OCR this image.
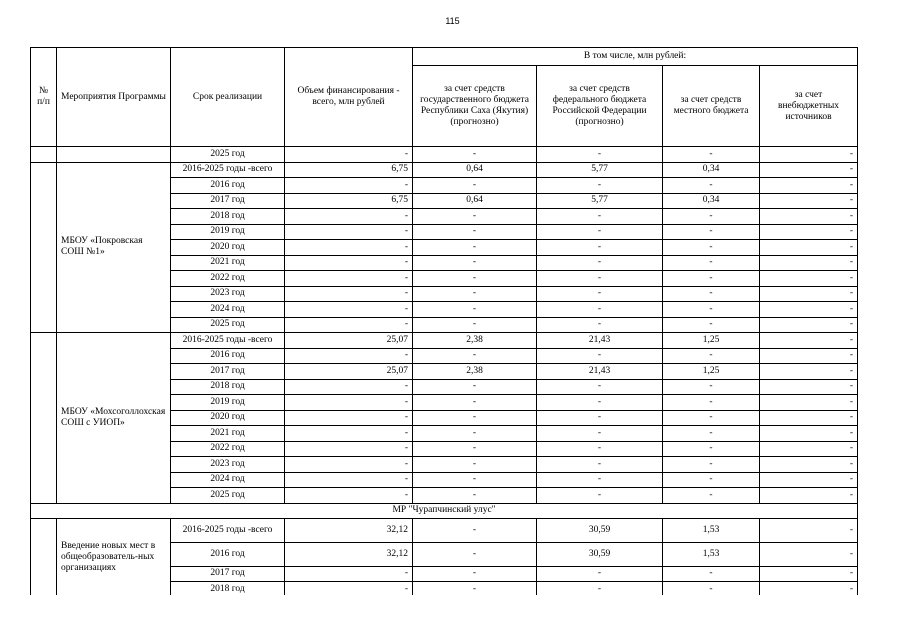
115
№ п/п	Мероприятия Программы	Срок реализации	Объем финансирования - всего, млн рублей	В том числе, млн рублей:			
				за счет средств государственного бюджета Республики Саха (Якутия) (прогнозно)	за счет средств федерального бюджета Российской Федерации (прогнозно)	за счет средств местного бюджета	за счет внебюджетных источников
		2025 год	-	-	-	-	-
	МБОУ «Покровская СОШ №1»	2016-2025 годы -всего	6,75	0,64	5,77	0,34	-
		2016 год	-	-	-	-	-
		2017 год	6,75	0,64	5,77	0,34	-
		2018 год	-	-	-	-	-
		2019 год	-	-	-	-	-
		2020 год	-	-	-	-	-
		2021 год	-	-	-	-	-
		2022 год	-	-	-	-	-
		2023 год	-	-	-	-	-
		2024 год	-	-	-	-	-
		2025 год	-	-	-	-	-
	МБОУ «Мохсоголлохская СОШ с УИОП»	2016-2025 годы -всего	25,07	2,38	21,43	1,25	-
		2016 год	-	-	-	-	-
		2017 год	25,07	2,38	21,43	1,25	-
		2018 год	-	-	-	-	-
		2019 год	-	-	-	-	-
		2020 год	-	-	-	-	-
		2021 год	-	-	-	-	-
		2022 год	-	-	-	-	-
		2023 год	-	-	-	-	-
		2024 год	-	-	-	-	-
		2025 год	-	-	-	-	-
МР "Чурапчинский улус"							
	Введение новых мест в общеобразователь-ных организациях	2016-2025 годы -всего	32,12	-	30,59	1,53	-
		2016 год	32,12	-	30,59	1,53	-
		2017 год	-	-	-	-	-
		2018 год	-	-	-	-	-
